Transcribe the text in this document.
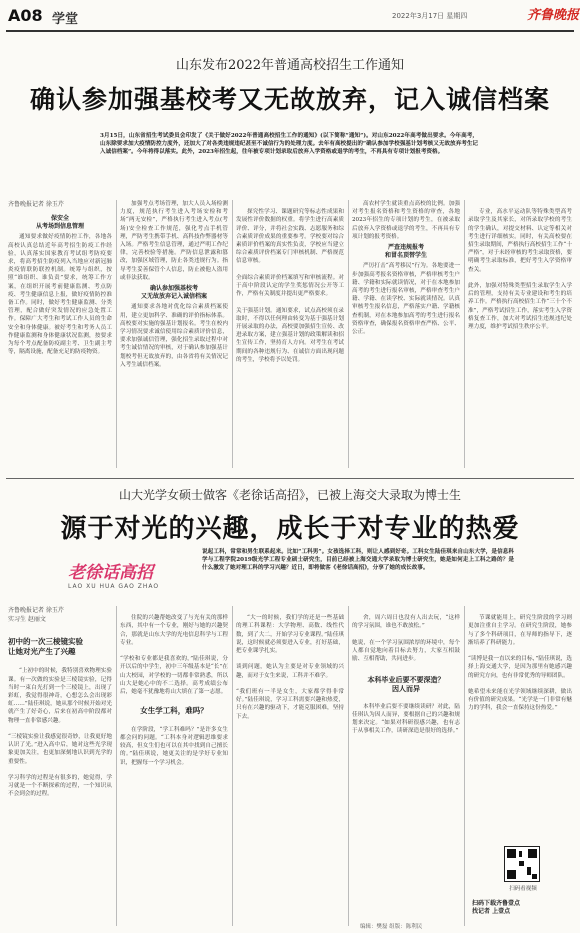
A08 学堂	2022年3月17日 星期四	齐鲁晚报
山东发布2022年普通高校招生工作通知
确认参加强基校考又无故放弃，记入诚信档案
3月15日，山东省招生考试委员会印发了《关于做好2022年普通高校招生工作的通知》(以下简称“通知”)。对山东2022年高考做出要求。今年高考，山东除要求加大疫情防控力度外，还加大了对各类违规违纪甚至不诚信行为的处理力度。去年有高校提出的“确认参加学校强基计划考核又无故放弃考生记入诚信档案”。今年将得以落实。此外，2023年招生起，往年被专项计划录取后放弃入学资格或退学的考生，不再具有专项计划报考资格。
齐鲁晚报记者 徐玉芹

保安全
从考场到信息管理

通知要求做好疫情防控工作，各地各高校认真总结近年高考招生防疫工作经验，认真落实国家教育考试组考防疫要求，将高考招生防疫列入当地应对新冠肺炎疫情联防联控机制。统筹与组织，按照“谁组织、谁负责”要求，统筹工作方案，在组织开展考前健康监测、考点防疫、考生健康信息上报，做好疫情防控准备工作。同时，做好考生健康监测、分类管理，配合做好突发情况的应急处置工作。保障广大考生和考试工作人员的生命安全和身体健康。被好考生和考务人员工作健康监测和身体健康状况监测，按要求为每个考点配备防疫副主考、卫生副主考等，隔离设施，配备充足的防疫物资。

加强考点考场管理，加大人员入场检测力度，规范执行考生进入考场安检和考场“两无安检”，严格执行考生进入考点(考场)安全检查工作规范，强化考点手机管理，严防考生携带手机、高科技作弊器材等入场。严格考生信息管理，通过严明工作纪律，完善校验等措施。严防信息泄露和篡改，加强区域管理，防止各类违规行为。指导考生妥善保管个人信息，防止被他人盗用或非法获取。

确认参加强基校考
又无故放弃记入诚信档案

通知要求各地对优化综合素质档案使用，建立更加科学、准确的评价指标体系。高校要对实施的强基计划报名。考生在校内学习情况要求诚信使用综合素质评价信息，要求加强诚信管理，强化招生录取过程中对考生诚信情况的审核，对于确认参加强基计划校考但无故放弃的，由各省将有关情况记入考生诚信档案。

探究性学习、课题研究等标志性成果和发展性评价数据的权重。将学生进行高素质评价、评分，并将社会实践、志愿服务和综合素质评价成果的重要参考。学校要对综合素质评价档案的真实性负责，学校应当建立综合素质评价档案专门审核机制、严格规范信息审核。

全面综合素质评价档案填写和审核流程。对于高中阶段认定的学生奖惩情况公开等工作，严格有关制度并提出更严格要求。

关于强基计划。通知要求，试点高校须在录取时，不得以任何理由转变为基于强基计划开展录取的办法，高校要加强招生宣传、改进录取方案，建立强基计划的政策解读和招生宣传工作，坚持育人方向。对考生在考试期间的各种违规行为、在诚信方面出现问题的考生，学校将予以处罚。

高农村学生就读重点高校的比例。加强对考生报名资格和考生资格的审查，各地2023年招生的专项计划的考生，在被录取后放弃入学资格或退学的考生，不再具有专项计划的报考资格。

严查违规报考
和冒名顶替学生

严厉打击“高考移民”行为。各地要进一步加强高考报名资格审核，严格审核考生户籍、学籍和实际就读情况，对于在本地参加高考的考生进行报名审核，严格审查考生户籍、学籍、在读学校、实际就读情况。认真审核考生报名信息，严格落实户籍、学籍核查机制，对在本地参加高考的考生进行报名资格审查，确保报名资格审查严格、公平、公正。

专业，高水平运动队等特殊类型高考录取学生及其家长，对所录取学校的考生的学生确认，对提交材料、认定等相关对考生进行详细核实。同时，有关高校要在招生录取期间，严格执行高校招生工作“十严格”，对于未经审核的考生录取资格，要明确考生录取标准，把好考生入学资格审查关。

此外，加强对特殊类型招生录取学生入学后的管理，支持有关专业建设和考生的培养工作。严格执行高校招生工作“三十个不准”，严格考试招生工作，落实考生入学资格复查工作，加大对考试招生违规违纪处理力度，维护考试招生秩序公平。

山大光学女硕士做客《老徐话高招》，已被上海交大录取为博士生
源于对光的兴趣，成长于对专业的热爱
老徐话高招
LAO XU HUA GAO ZHAO
说起工科，常常和男生联系起来。比如“工科男”。女孩选择工科，则让人感到好奇。工科女生陆佳琪来自山东大学，是信息科学与工程学院2019级光学工程专业硕士研究生，目前已经被上海交通大学录取为博士研究生，她是如何走上工科之路的？是什么激发了她对理工科的学习兴趣？近日，即将做客《老徐话高招》，分享了她的成长故事。
齐鲁晚报记者 徐玉芹
实习生 赵丽文

初中的一次三棱镜实验
让她对光产生了兴趣

“上初中的时候，我特别喜欢物理实验课。有一次做的实验是三棱镜实验，记得当时一束白光打到一个三棱镜上，出现了彩虹，我觉得很神奇，心想怎么会出现彩虹……”陆佳琪说，她从那个时候开始对光就产生了好奇心，后来在初高中阶段都对物理一直非常感兴趣。

“三棱镜实验让我感觉很奇妙，让我更好地认识了光。”进入高中后，她对这些光学现象更加关注，也更加深刻地认识到光学的重要性。

学习科学的过程是有很多的，她觉得，学习就是一个不断探索的过程，一个知识从不会到会的过程。

住院的兴趣帮她改变了与光有关的那样东西，其中有一个专业，刚好与她的兴趣契合，那就是山东大学的光电信息科学与工程专业。

“学校和专业都是我喜欢的，”陆佳琪说，分开以后的中学生，初中三年级基本是“长”在山大校园，对学校的一切都非常熟悉，所以山大是她心中的不二选择。高考成绩公布后，她毫不犹豫地将山大填在了第一志愿。

女生学工科，难吗？

在学阶段，“学工科难吗？”是许多女生都会问的问题。“工科本身对逻辑思维要求较高，但女生们也可以在其中找到自己擅长的。”陆佳琪说，她更关注的是学好专业知识，把握每一个学习机会。

“大一的时候，我们学的还是一些基础的理工科课程：大学物理、高数、线性代数，到了大二，开始学习专业课程。”陆佳琪说，这时候就必须要进入专业，打好基础，把专业课学扎实。

谈到问题，她认为主要是对专业领域的兴趣，而对于女生来说，工科并不难学。

“我们班有一半是女生，大家都学得非常好。”陆佳琪说，学习工科需要兴趣和热爱，只有在兴趣的驱动下，才能克服困难，坚持下去。

舍，周六周日也没有人出去玩，“这样的学习氛围，谁也不敢放松。”

她说，在一个学习氛围浓厚的环境中，每个人都自觉地向着目标去努力，大家互相鼓励、互相帮助，共同进步。

本科毕业后要不要深造？
因人而异

本科毕业后要不要继续读研？对此，陆佳琪认为因人而异，要根据自己的兴趣和规划来决定。“如果对科研很感兴趣，也有志于从事相关工作，读研深造是很好的选择。”

节课就能用上，研究生阶段的学习则更加注重自主学习。在研究生阶段，她参与了多个科研项目，在导师的指导下，逐渐培养了科研能力。

“读博是我一直以来的目标，”陆佳琪说，选择上海交通大学，是因为那里有她感兴趣的研究方向，也有非常优秀的导师团队。

她希望未来能在光学领域继续深耕，做出有价值的研究成果。“光学是一门非常有魅力的学科，我会一直保持这份热爱。”

扫码看视频
扫码下载齐鲁壹点
找记者 上壹点
编辑：樊磊 组版：陈利民
